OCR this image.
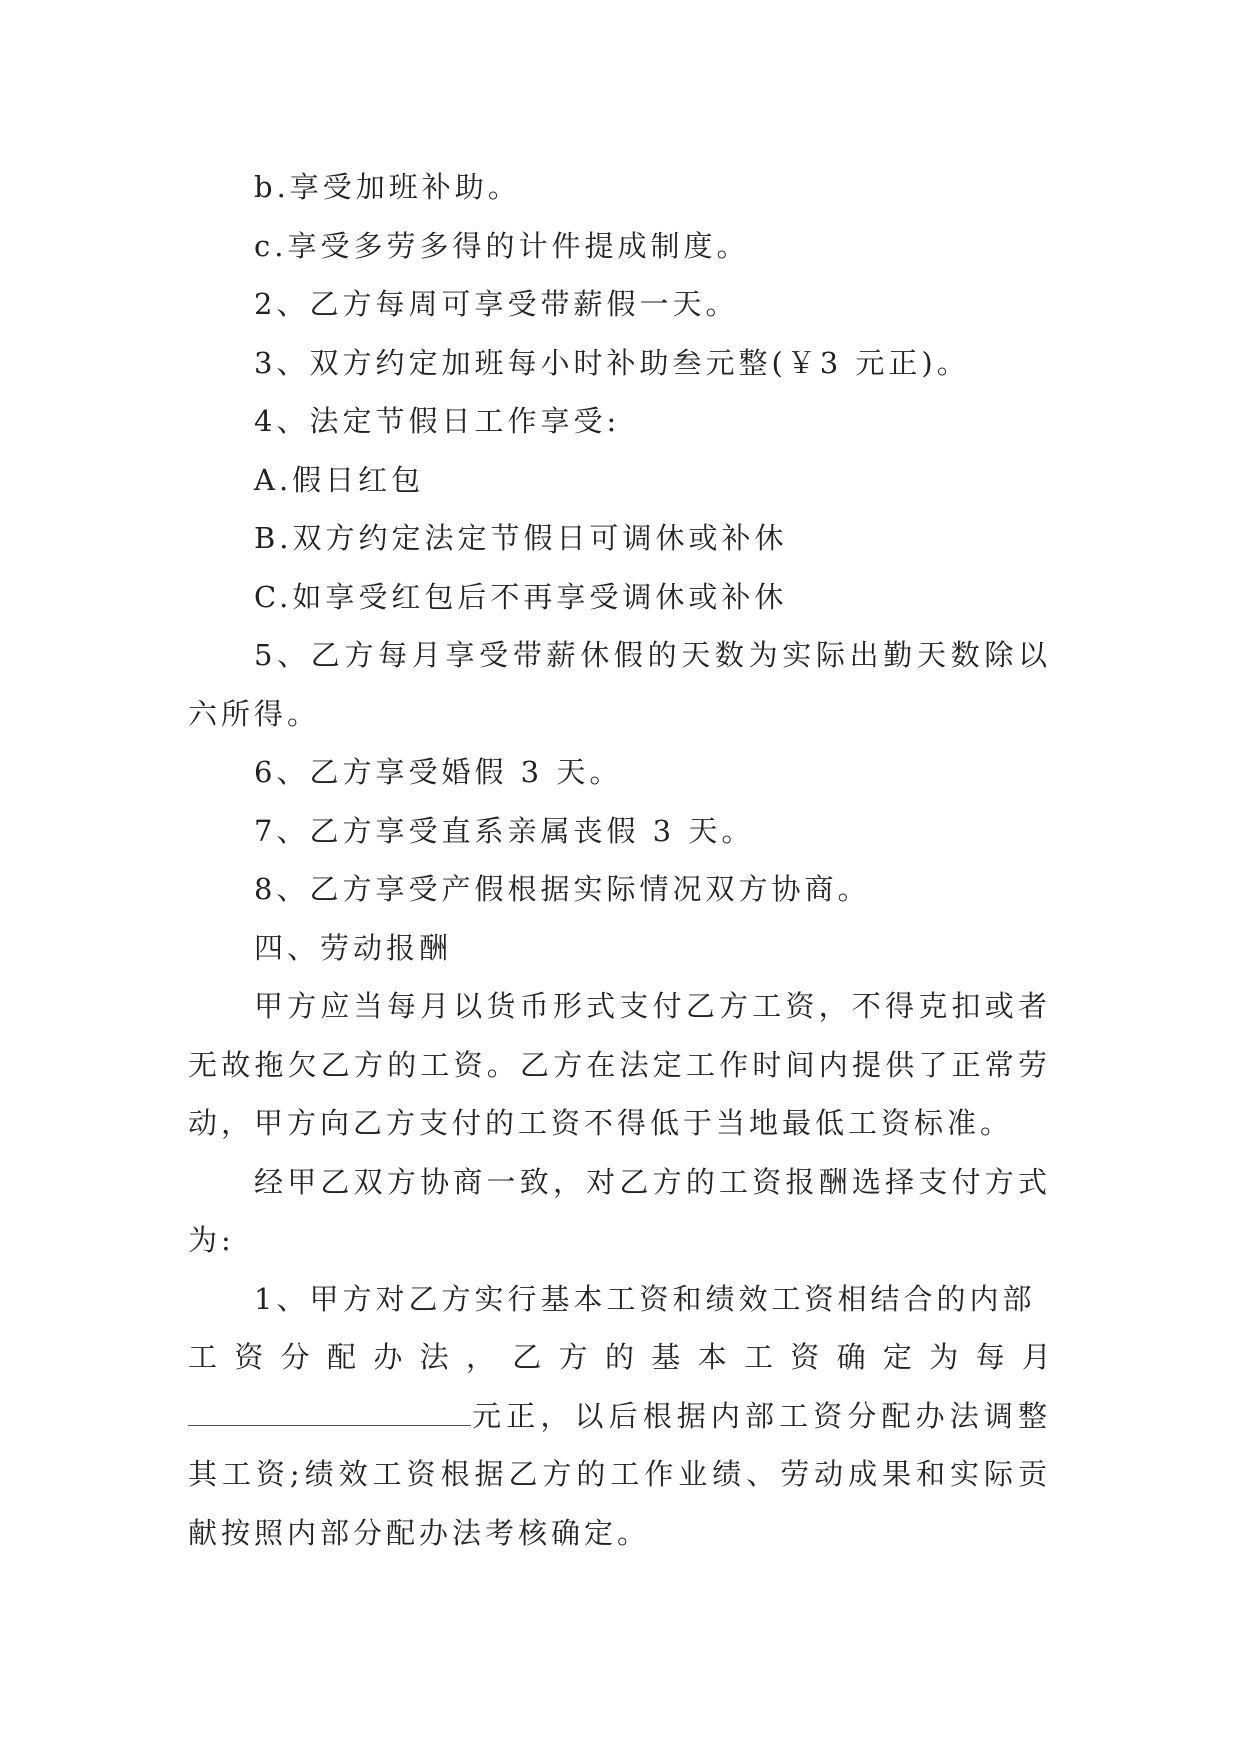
b.享受加班补助。

c.享受多劳多得的计件提成制度。

2、乙方每周可享受带薪假一天。

3、双方约定加班每小时补助叁元整(￥3 元正)。

4、法定节假日工作享受:

A.假日红包

B.双方约定法定节假日可调休或补休

C.如享受红包后不再享受调休或补休

5、乙方每月享受带薪休假的天数为实际出勤天数除以六所得。

6、乙方享受婚假 3 天。

7、乙方享受直系亲属丧假 3 天。

8、乙方享受产假根据实际情况双方协商。

四、劳动报酬

甲方应当每月以货币形式支付乙方工资，不得克扣或者无故拖欠乙方的工资。乙方在法定工作时间内提供了正常劳动，甲方向乙方支付的工资不得低于当地最低工资标准。

经甲乙双方协商一致，对乙方的工资报酬选择支付方式为:

1、甲方对乙方实行基本工资和绩效工资相结合的内部

工 资 分 配 办 法 ， 乙 方 的 基 本 工 资 确 定 为 每 月

元正，以后根据内部工资分配办法调整其工资;绩效工资根据乙方的工作业绩、劳动成果和实际贡献按照内部分配办法考核确定。
